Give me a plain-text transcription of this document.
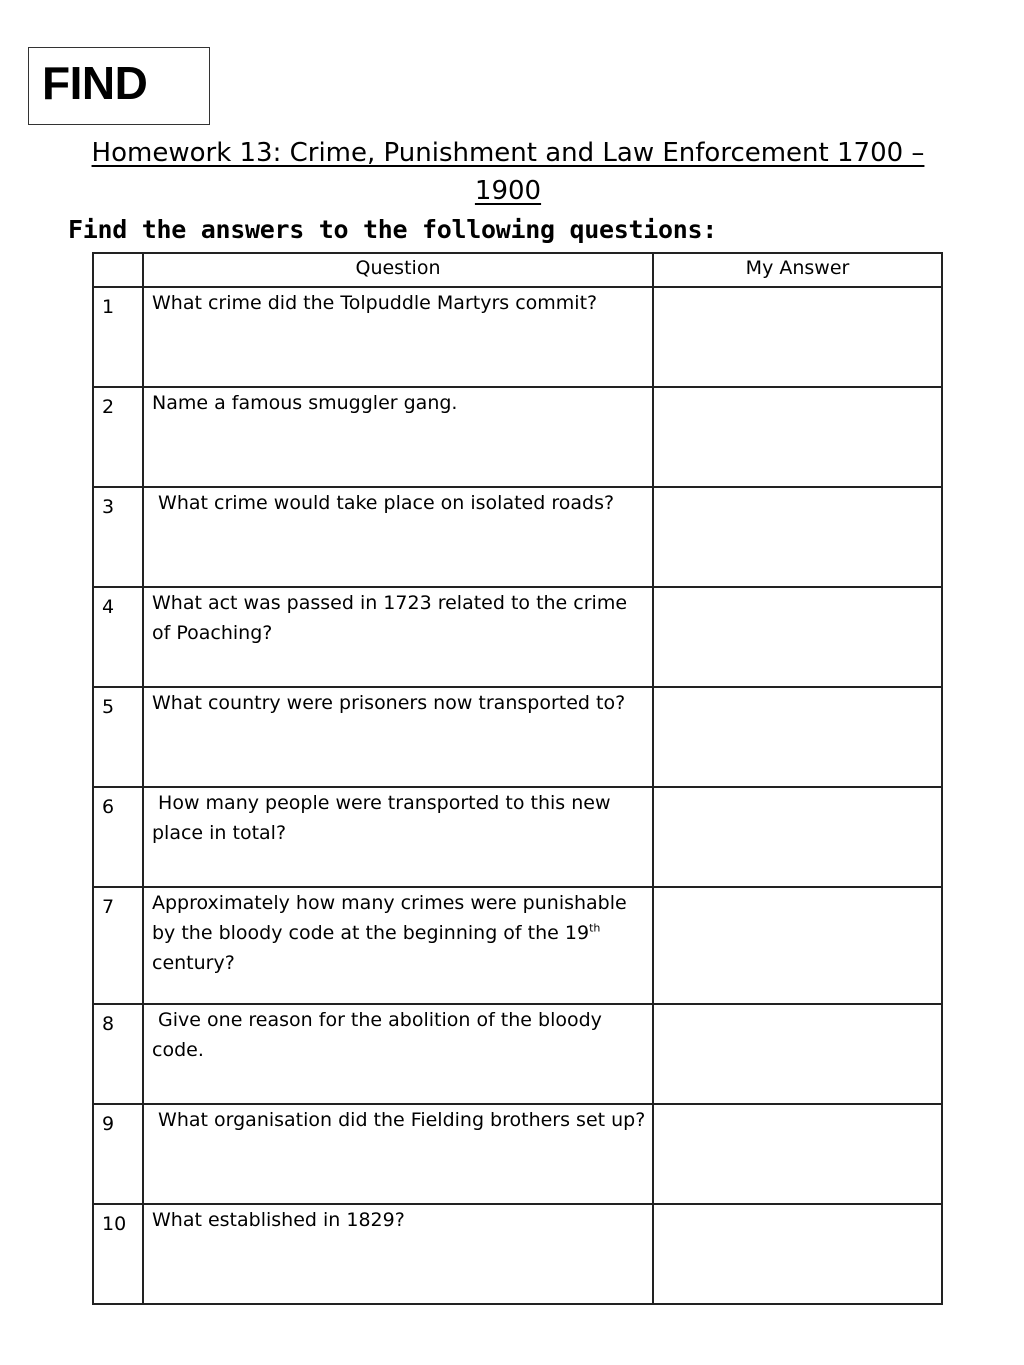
FIND
Homework 13: Crime, Punishment and Law Enforcement 1700 – 1900
Find the answers to the following questions:
	Question	My Answer
1	What crime did the Tolpuddle Martyrs commit?	

2	Name a famous smuggler gang.	

3	What crime would take place on isolated roads?	

4	What act was passed in 1723 related to the crime of Poaching?	

5	What country were prisoners now transported to?	

6	How many people were transported to this new place in total?	

7	Approximately how many crimes were punishable by the bloody code at the beginning of the 19th century?	

8	Give one reason for the abolition of the bloody code.	

9	What organisation did the Fielding brothers set up?	

10	What established in 1829?	
